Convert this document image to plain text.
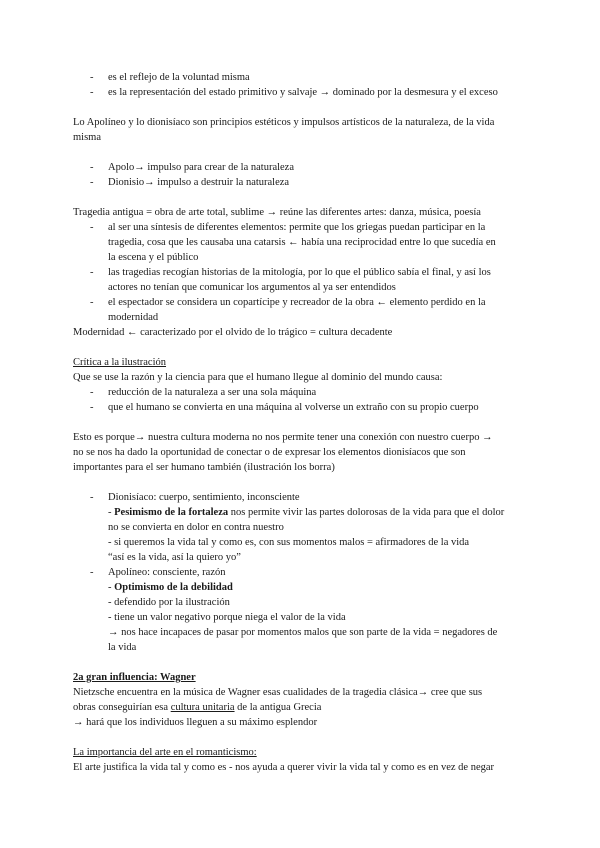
- es el reflejo de la voluntad misma
- es la representación del estado primitivo y salvaje → dominado por la desmesura y el exceso
Lo Apolíneo y lo dionisíaco son principios estéticos y impulsos artísticos de la naturaleza, de la vida
misma
- Apolo→ impulso para crear de la naturaleza
- Dionisio→ impulso a destruir la naturaleza
Tragedia antigua = obra de arte total, sublime → reúne las diferentes artes: danza, música, poesía
- al ser una síntesis de diferentes elementos: permite que los griegas puedan participar en la
tragedia, cosa que les causaba una catarsis ← había una reciprocidad entre lo que sucedía en
la escena y el público
- las tragedias recogían historias de la mitología, por lo que el público sabía el final, y así los
actores no tenían que comunicar los argumentos al ya ser entendidos
- el espectador se considera un copartícipe y recreador de la obra ← elemento perdido en la
modernidad
Modernidad ← caracterizado por el olvido de lo trágico = cultura decadente
Crítica a la ilustración
Que se use la razón y la ciencia para que el humano llegue al dominio del mundo causa:
- reducción de la naturaleza a ser una sola máquina
- que el humano se convierta en una máquina al volverse un extraño con su propio cuerpo
Esto es porque→ nuestra cultura moderna no nos permite tener una conexión con nuestro cuerpo →
no se nos ha dado la oportunidad de conectar o de expresar los elementos dionisíacos que son
importantes para el ser humano también (ilustración los borra)
- Dionisíaco: cuerpo, sentimiento, inconsciente
- Pesimismo de la fortaleza nos permite vivir las partes dolorosas de la vida para que el dolor
no se convierta en dolor en contra nuestro
- si queremos la vida tal y como es, con sus momentos malos = afirmadores de la vida
“así es la vida, así la quiero yo”
- Apolíneo: consciente, razón
- Optimismo de la debilidad
- defendido por la ilustración
- tiene un valor negativo porque niega el valor de la vida
→ nos hace incapaces de pasar por momentos malos que son parte de la vida = negadores de
la vida
2a gran influencia: Wagner
Nietzsche encuentra en la música de Wagner esas cualidades de la tragedia clásica→ cree que sus
obras conseguirían esa cultura unitaria de la antigua Grecia
→ hará que los individuos lleguen a su máximo esplendor
La importancia del arte en el romanticismo:
El arte justifica la vida tal y como es - nos ayuda a querer vivir la vida tal y como es en vez de negar
